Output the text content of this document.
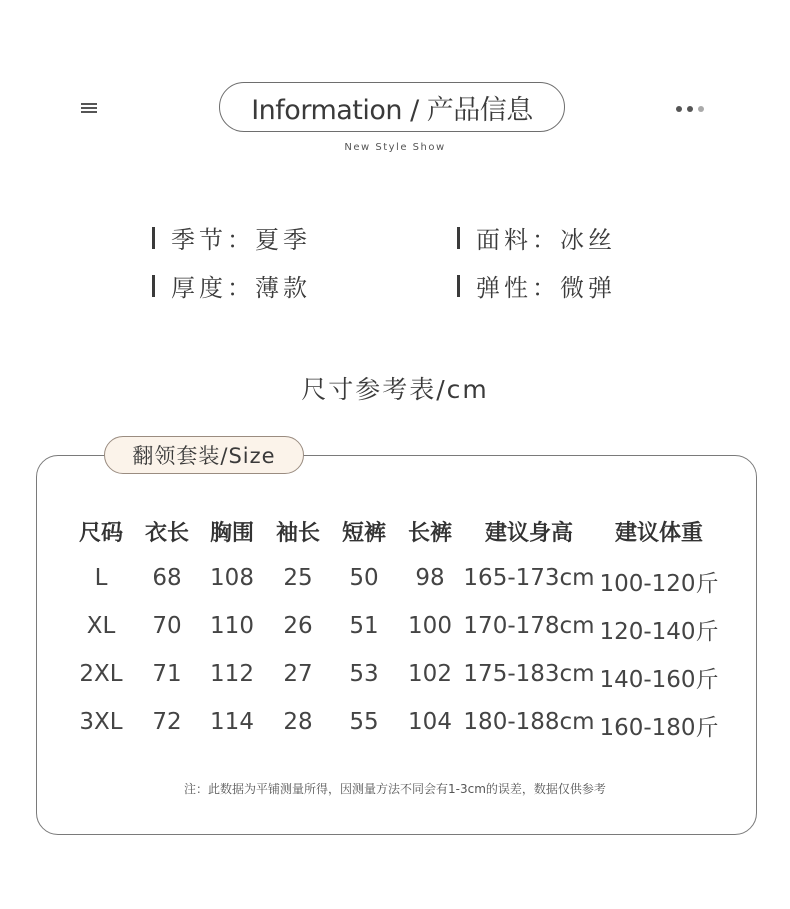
Information / 产品信息
New Style Show
季节：夏季	面料：冰丝
厚度：薄款	弹性：微弹
尺寸参考表/cm
翻领套装/Size
尺码 衣长 胸围 袖长 短裤 长裤 建议身高 建议体重
L 68 108 25 50 98 165-173cm 100-120斤
XL 70 110 26 51 100 170-178cm 120-140斤
2XL 71 112 27 53 102 175-183cm 140-160斤
3XL 72 114 28 55 104 180-188cm 160-180斤
注：此数据为平铺测量所得，因测量方法不同会有1-3cm的误差，数据仅供参考
